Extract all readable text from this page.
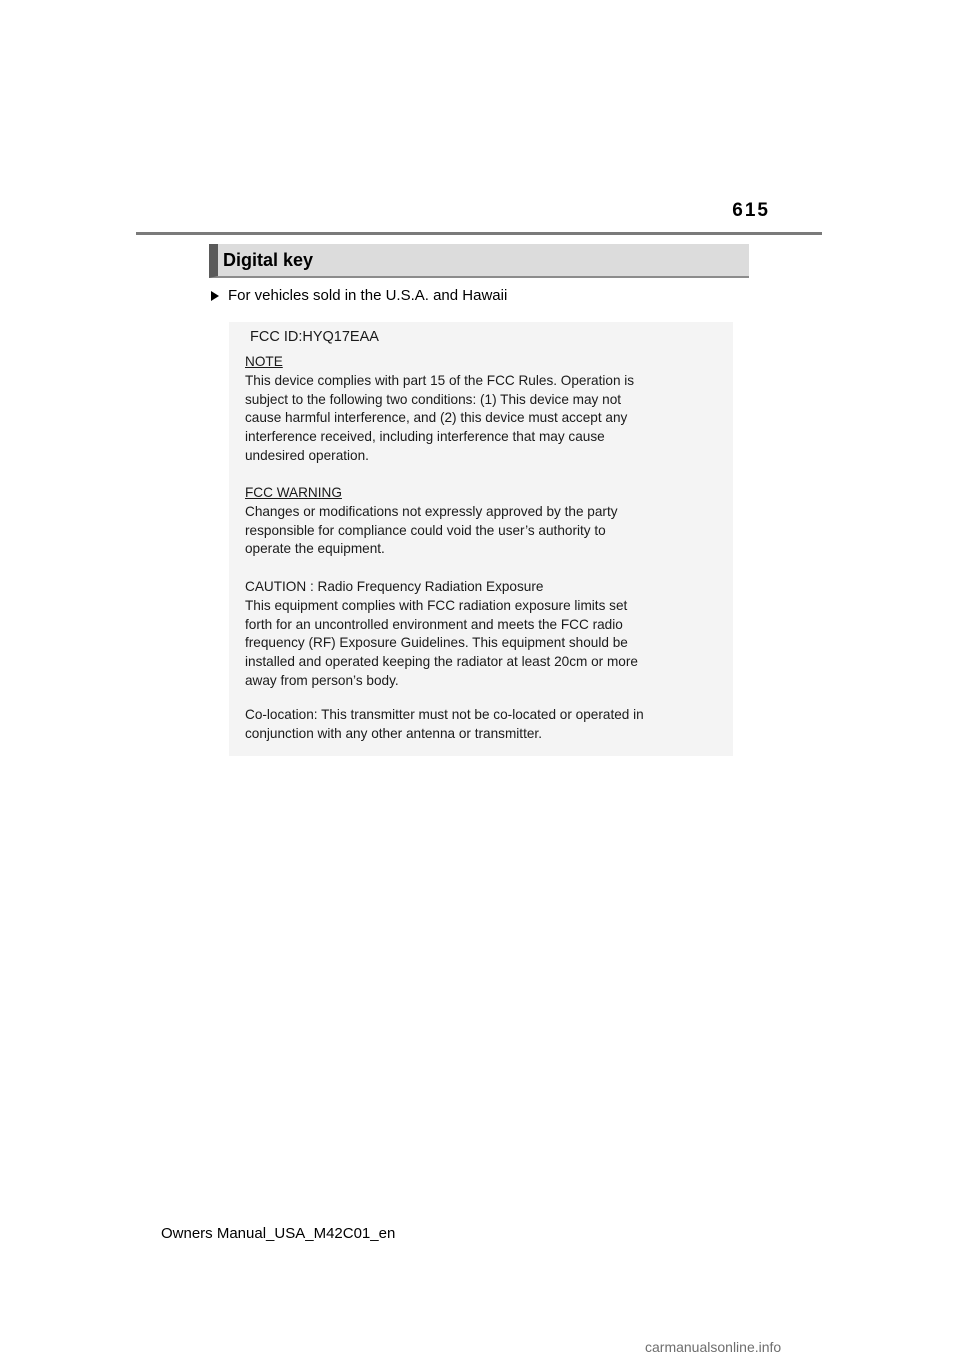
615
Digital key
For vehicles sold in the U.S.A. and Hawaii
FCC ID:HYQ17EAA
NOTE
This device complies with part 15 of the FCC Rules. Operation is
subject to the following two conditions: (1) This device may not
cause harmful interference, and (2) this device must accept any
interference received, including interference that may cause
undesired operation.
FCC WARNING
Changes or modifications not expressly approved by the party
responsible for compliance could void the user’s authority to
operate the equipment.
CAUTION : Radio Frequency Radiation Exposure
This equipment complies with FCC radiation exposure limits set
forth for an uncontrolled environment and meets the FCC radio
frequency (RF) Exposure Guidelines. This equipment should be
installed and operated keeping the radiator at least 20cm or more
away from person’s body.
Co-location: This transmitter must not be co-located or operated in
conjunction with any other antenna or transmitter.
Owners Manual_USA_M42C01_en
carmanualsonline.info
